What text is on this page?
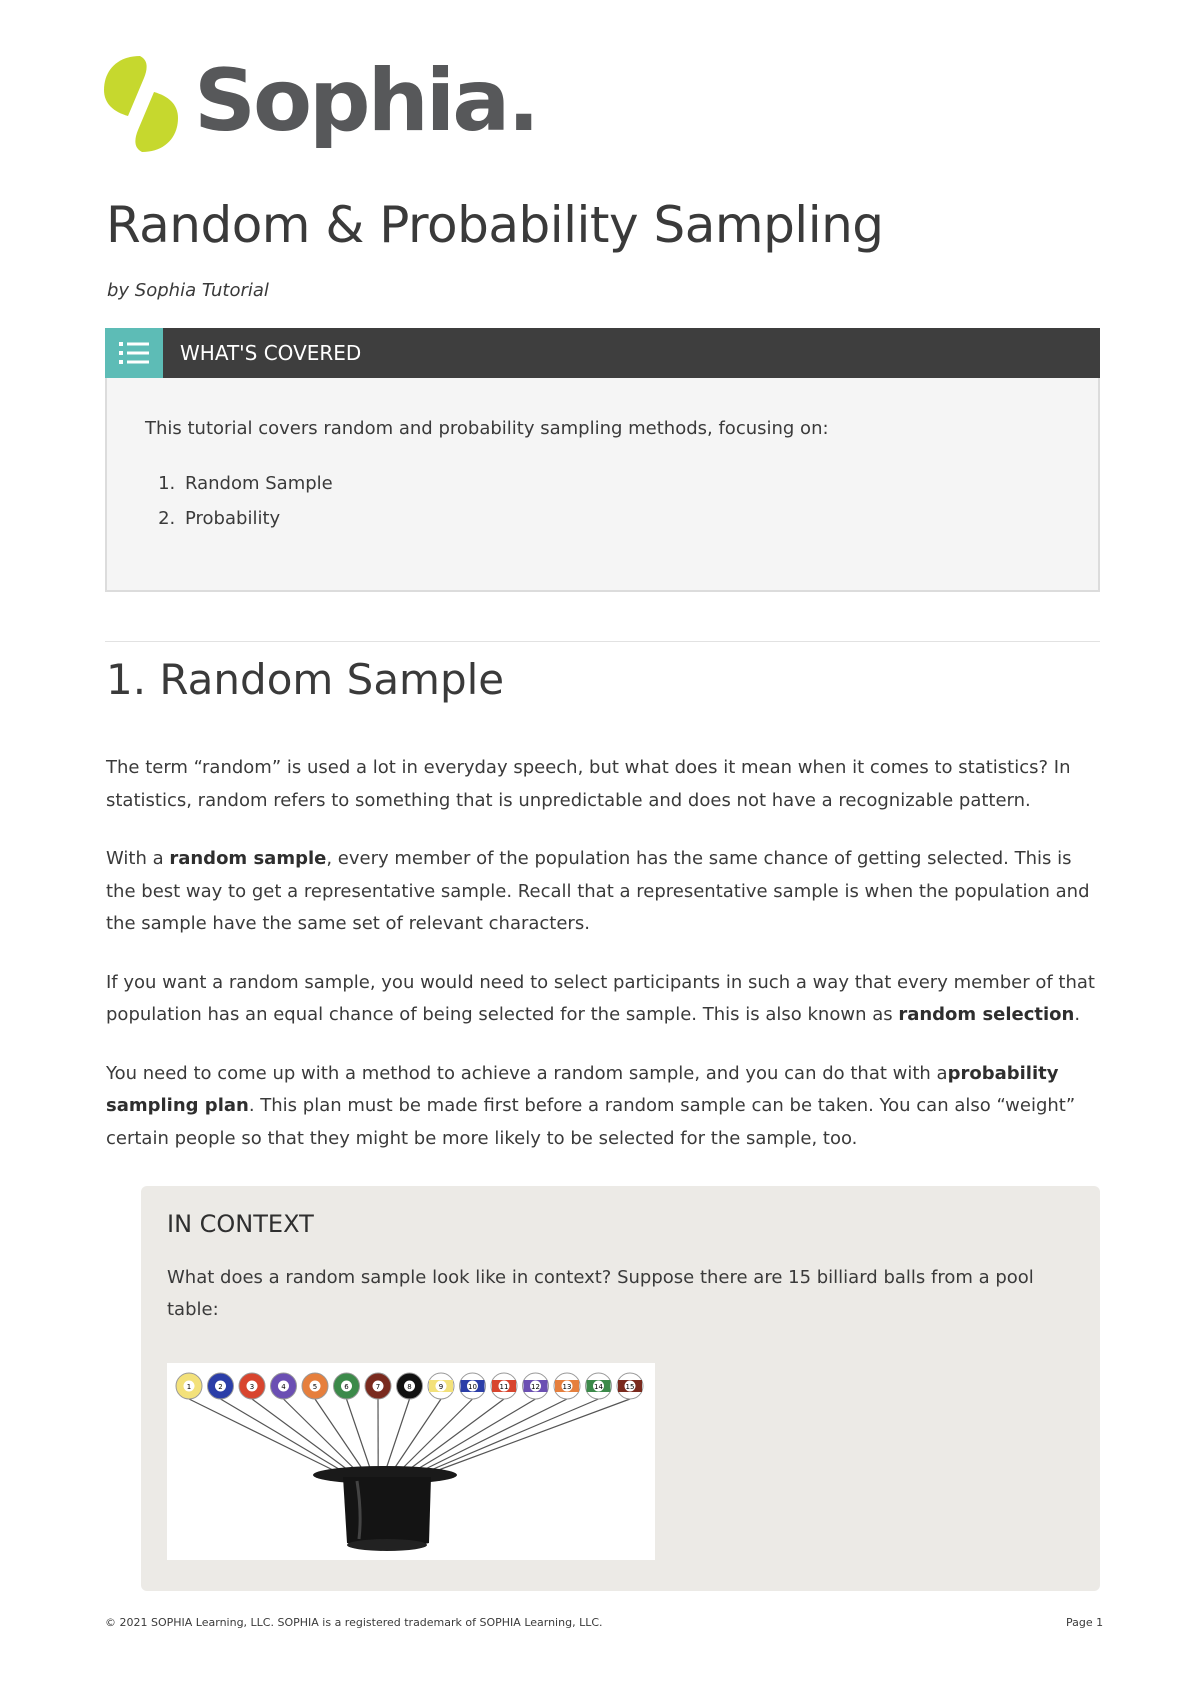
Sophia.
Random & Probability Sampling
by Sophia Tutorial
WHAT'S COVERED

This tutorial covers random and probability sampling methods, focusing on:

1. Random Sample
2. Probability
1. Random Sample

The term “random” is used a lot in everyday speech, but what does it mean when it comes to statistics? In statistics, random refers to something that is unpredictable and does not have a recognizable pattern.

With a random sample, every member of the population has the same chance of getting selected. This is the best way to get a representative sample. Recall that a representative sample is when the population and the sample have the same set of relevant characters.

If you want a random sample, you would need to select participants in such a way that every member of that population has an equal chance of being selected for the sample. This is also known as random selection.

You need to come up with a method to achieve a random sample, and you can do that with aprobability sampling plan. This plan must be made first before a random sample can be taken. You can also “weight” certain people so that they might be more likely to be selected for the sample, too.

IN CONTEXT

What does a random sample look like in context? Suppose there are 15 billiard balls from a pool table:

1	2	3	4	5	6	7	8	9	10	11	12	13	14	15
© 2021 SOPHIA Learning, LLC. SOPHIA is a registered trademark of SOPHIA Learning, LLC.	Page 1
